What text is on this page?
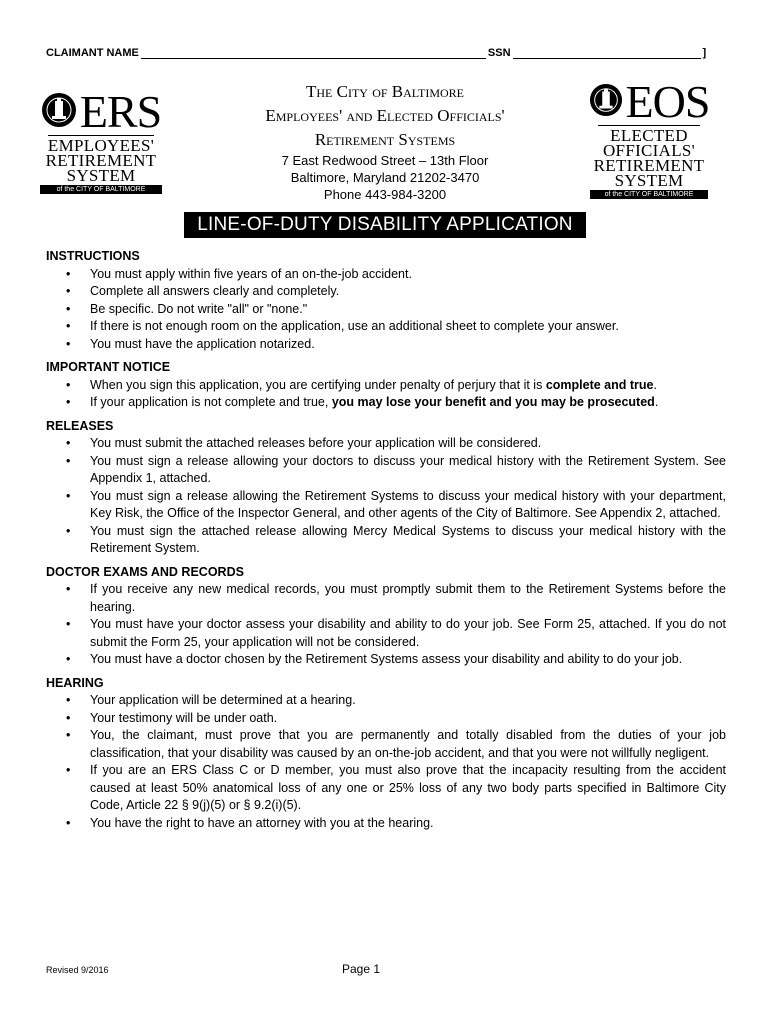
CLAIMANT NAME	SSN	]
ERS
EMPLOYEES'
RETIREMENT
SYSTEM
of the CITY OF BALTIMORE
The City of Baltimore
Employees' and Elected Officials'
Retirement Systems
7 East Redwood Street – 13th Floor
Baltimore, Maryland 21202-3470
Phone 443-984-3200
EOS
ELECTED
OFFICIALS'
RETIREMENT
SYSTEM
of the CITY OF BALTIMORE
LINE-OF-DUTY DISABILITY APPLICATION
INSTRUCTIONS
• You must apply within five years of an on-the-job accident.
• Complete all answers clearly and completely.
• Be specific. Do not write "all" or "none."
• If there is not enough room on the application, use an additional sheet to complete your answer.
• You must have the application notarized.
IMPORTANT NOTICE
• When you sign this application, you are certifying under penalty of perjury that it is complete and true.
• If your application is not complete and true, you may lose your benefit and you may be prosecuted.
RELEASES
• You must submit the attached releases before your application will be considered.
• You must sign a release allowing your doctors to discuss your medical history with the Retirement System. See Appendix 1, attached.
• You must sign a release allowing the Retirement Systems to discuss your medical history with your department, Key Risk, the Office of the Inspector General, and other agents of the City of Baltimore. See Appendix 2, attached.
• You must sign the attached release allowing Mercy Medical Systems to discuss your medical history with the Retirement System.
DOCTOR EXAMS AND RECORDS
• If you receive any new medical records, you must promptly submit them to the Retirement Systems before the hearing.
• You must have your doctor assess your disability and ability to do your job. See Form 25, attached. If you do not submit the Form 25, your application will not be considered.
• You must have a doctor chosen by the Retirement Systems assess your disability and ability to do your job.
HEARING
• Your application will be determined at a hearing.
• Your testimony will be under oath.
• You, the claimant, must prove that you are permanently and totally disabled from the duties of your job classification, that your disability was caused by an on-the-job accident, and that you were not willfully negligent.
• If you are an ERS Class C or D member, you must also prove that the incapacity resulting from the accident caused at least 50% anatomical loss of any one or 25% loss of any two body parts specified in Baltimore City Code, Article 22 § 9(j)(5) or § 9.2(i)(5).
• You have the right to have an attorney with you at the hearing.
Revised 9/2016	Page 1
